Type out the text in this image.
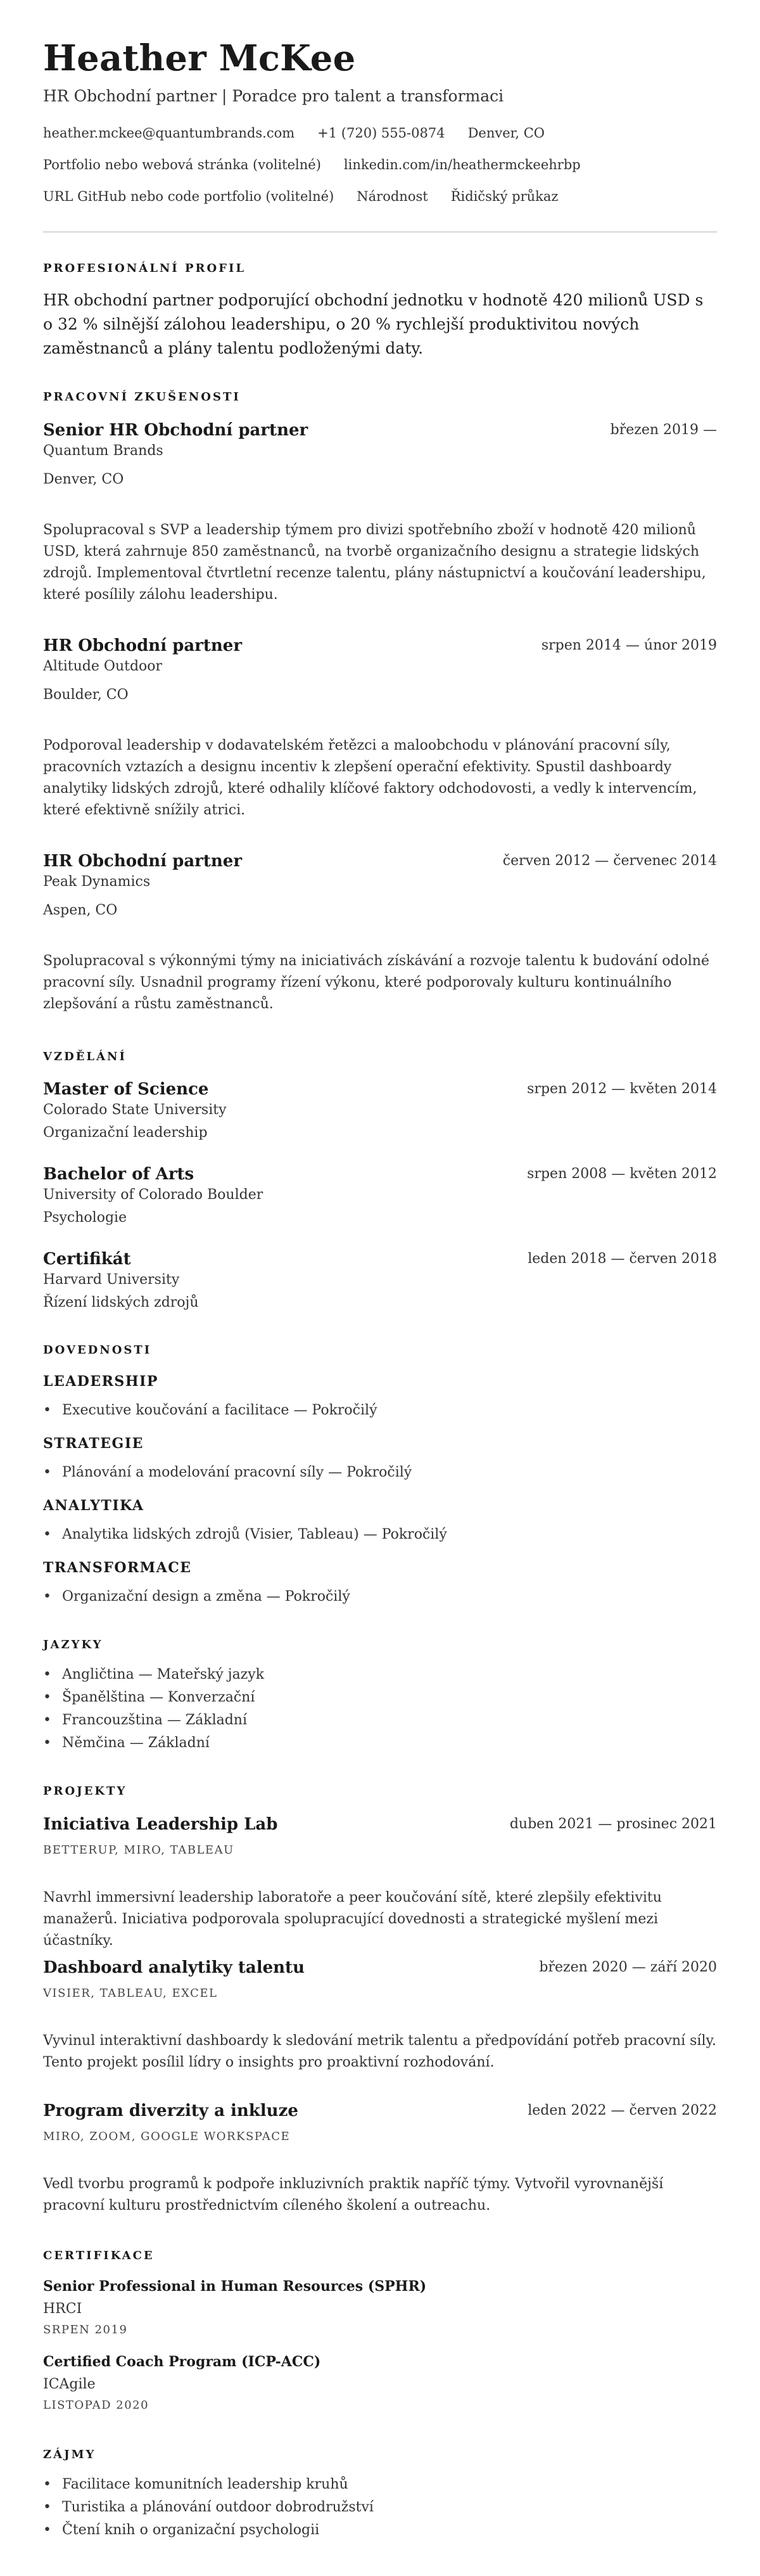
Heather McKee
HR Obchodní partner | Poradce pro talent a transformaci
heather.mckee@quantumbrands.com +1 (720) 555-0874 Denver, CO
Portfolio nebo webová stránka (volitelné) linkedin.com/in/heathermckeehrbp
URL GitHub nebo code portfolio (volitelné) Národnost Řidičský průkaz
PROFESIONÁLNÍ PROFIL
HR obchodní partner podporující obchodní jednotku v hodnotě 420 milionů USD s o 32 % silnější zálohou leadershipu, o 20 % rychlejší produktivitou nových zaměstnanců a plány talentu podloženými daty.
PRACOVNÍ ZKUŠENOSTI
Senior HR Obchodní partner	březen 2019 —
Quantum Brands
Denver, CO
Spolupracoval s SVP a leadership týmem pro divizi spotřebního zboží v hodnotě 420 milionů USD, která zahrnuje 850 zaměstnanců, na tvorbě organizačního designu a strategie lidských zdrojů. Implementoval čtvrtletní recenze talentu, plány nástupnictví a koučování leadershipu, které posílily zálohu leadershipu.
HR Obchodní partner	srpen 2014 — únor 2019
Altitude Outdoor
Boulder, CO
Podporoval leadership v dodavatelském řetězci a maloobchodu v plánování pracovní síly, pracovních vztazích a designu incentiv k zlepšení operační efektivity. Spustil dashboardy analytiky lidských zdrojů, které odhalily klíčové faktory odchodovosti, a vedly k intervencím, které efektivně snížily atrici.
HR Obchodní partner	červen 2012 — červenec 2014
Peak Dynamics
Aspen, CO
Spolupracoval s výkonnými týmy na iniciativách získávání a rozvoje talentu k budování odolné pracovní síly. Usnadnil programy řízení výkonu, které podporovaly kulturu kontinuálního zlepšování a růstu zaměstnanců.
VZDĚLÁNÍ
Master of Science	srpen 2012 — květen 2014
Colorado State University
Organizační leadership
Bachelor of Arts	srpen 2008 — květen 2012
University of Colorado Boulder
Psychologie
Certifikát	leden 2018 — červen 2018
Harvard University
Řízení lidských zdrojů
DOVEDNOSTI
LEADERSHIP
• Executive koučování a facilitace — Pokročilý
STRATEGIE
• Plánování a modelování pracovní síly — Pokročilý
ANALYTIKA
• Analytika lidských zdrojů (Visier, Tableau) — Pokročilý
TRANSFORMACE
• Organizační design a změna — Pokročilý
JAZYKY
• Angličtina — Mateřský jazyk
• Španělština — Konverzační
• Francouzština — Základní
• Němčina — Základní
PROJEKTY
Iniciativa Leadership Lab	duben 2021 — prosinec 2021
BETTERUP, MIRO, TABLEAU
Navrhl immersivní leadership laboratoře a peer koučování sítě, které zlepšily efektivitu manažerů. Iniciativa podporovala spolupracující dovednosti a strategické myšlení mezi účastníky.
Dashboard analytiky talentu	březen 2020 — září 2020
VISIER, TABLEAU, EXCEL
Vyvinul interaktivní dashboardy k sledování metrik talentu a předpovídání potřeb pracovní síly. Tento projekt posílil lídry o insights pro proaktivní rozhodování.
Program diverzity a inkluze	leden 2022 — červen 2022
MIRO, ZOOM, GOOGLE WORKSPACE
Vedl tvorbu programů k podpoře inkluzivních praktik napříč týmy. Vytvořil vyrovnanější pracovní kulturu prostřednictvím cíleného školení a outreachu.
CERTIFIKACE
Senior Professional in Human Resources (SPHR)
HRCI
SRPEN 2019
Certified Coach Program (ICP-ACC)
ICAgile
LISTOPAD 2020
ZÁJMY
• Facilitace komunitních leadership kruhů
• Turistika a plánování outdoor dobrodružství
• Čtení knih o organizační psychologii
